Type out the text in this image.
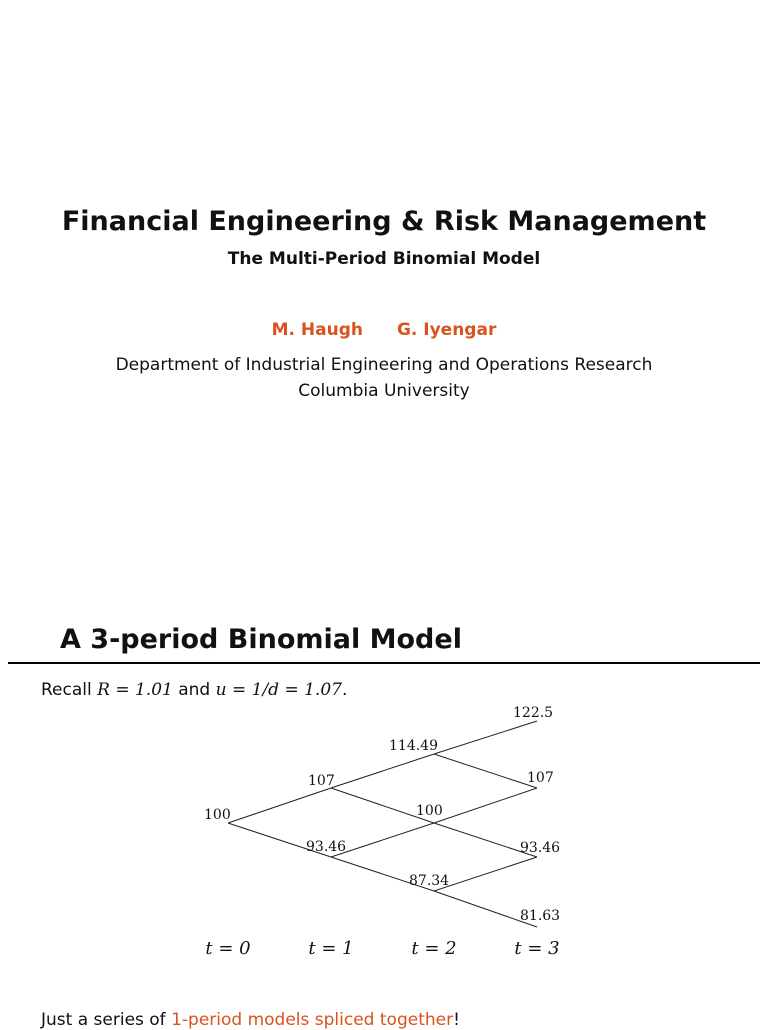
Financial Engineering & Risk Management
The Multi-Period Binomial Model
M. Haugh G. Iyengar
Department of Industrial Engineering and Operations Research
Columbia University
A 3-period Binomial Model
Recall R = 1.01 and u = 1/d = 1.07.
100
107
93.46
114.49
100
87.34
122.5
107
93.46
81.63
t = 0	t = 1	t = 2	t = 3
Just a series of 1-period models spliced together!
